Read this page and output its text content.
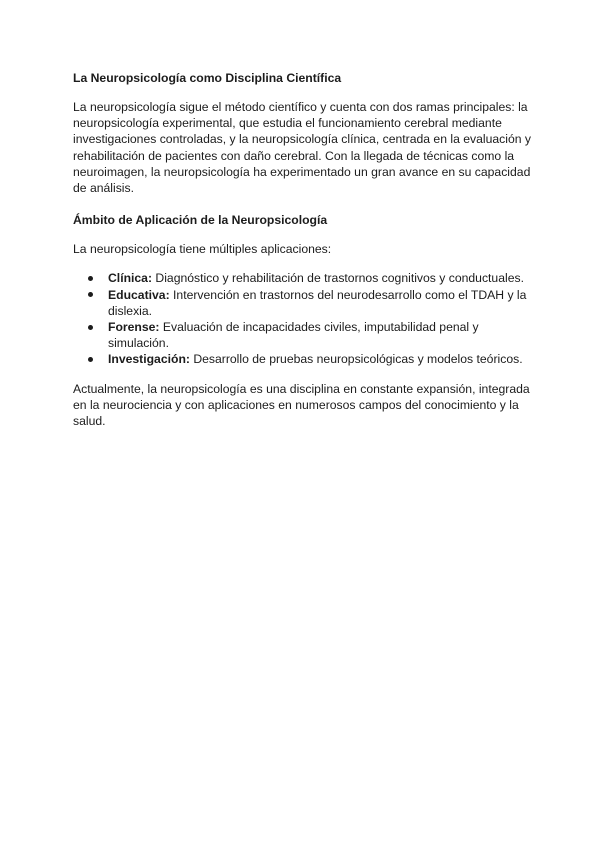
La Neuropsicología como Disciplina Científica

La neuropsicología sigue el método científico y cuenta con dos ramas principales: la neuropsicología experimental, que estudia el funcionamiento cerebral mediante investigaciones controladas, y la neuropsicología clínica, centrada en la evaluación y rehabilitación de pacientes con daño cerebral. Con la llegada de técnicas como la neuroimagen, la neuropsicología ha experimentado un gran avance en su capacidad de análisis.

Ámbito de Aplicación de la Neuropsicología

La neuropsicología tiene múltiples aplicaciones:

Clínica: Diagnóstico y rehabilitación de trastornos cognitivos y conductuales.
Educativa: Intervención en trastornos del neurodesarrollo como el TDAH y la dislexia.
Forense: Evaluación de incapacidades civiles, imputabilidad penal y simulación.
Investigación: Desarrollo de pruebas neuropsicológicas y modelos teóricos.

Actualmente, la neuropsicología es una disciplina en constante expansión, integrada en la neurociencia y con aplicaciones en numerosos campos del conocimiento y la salud.
